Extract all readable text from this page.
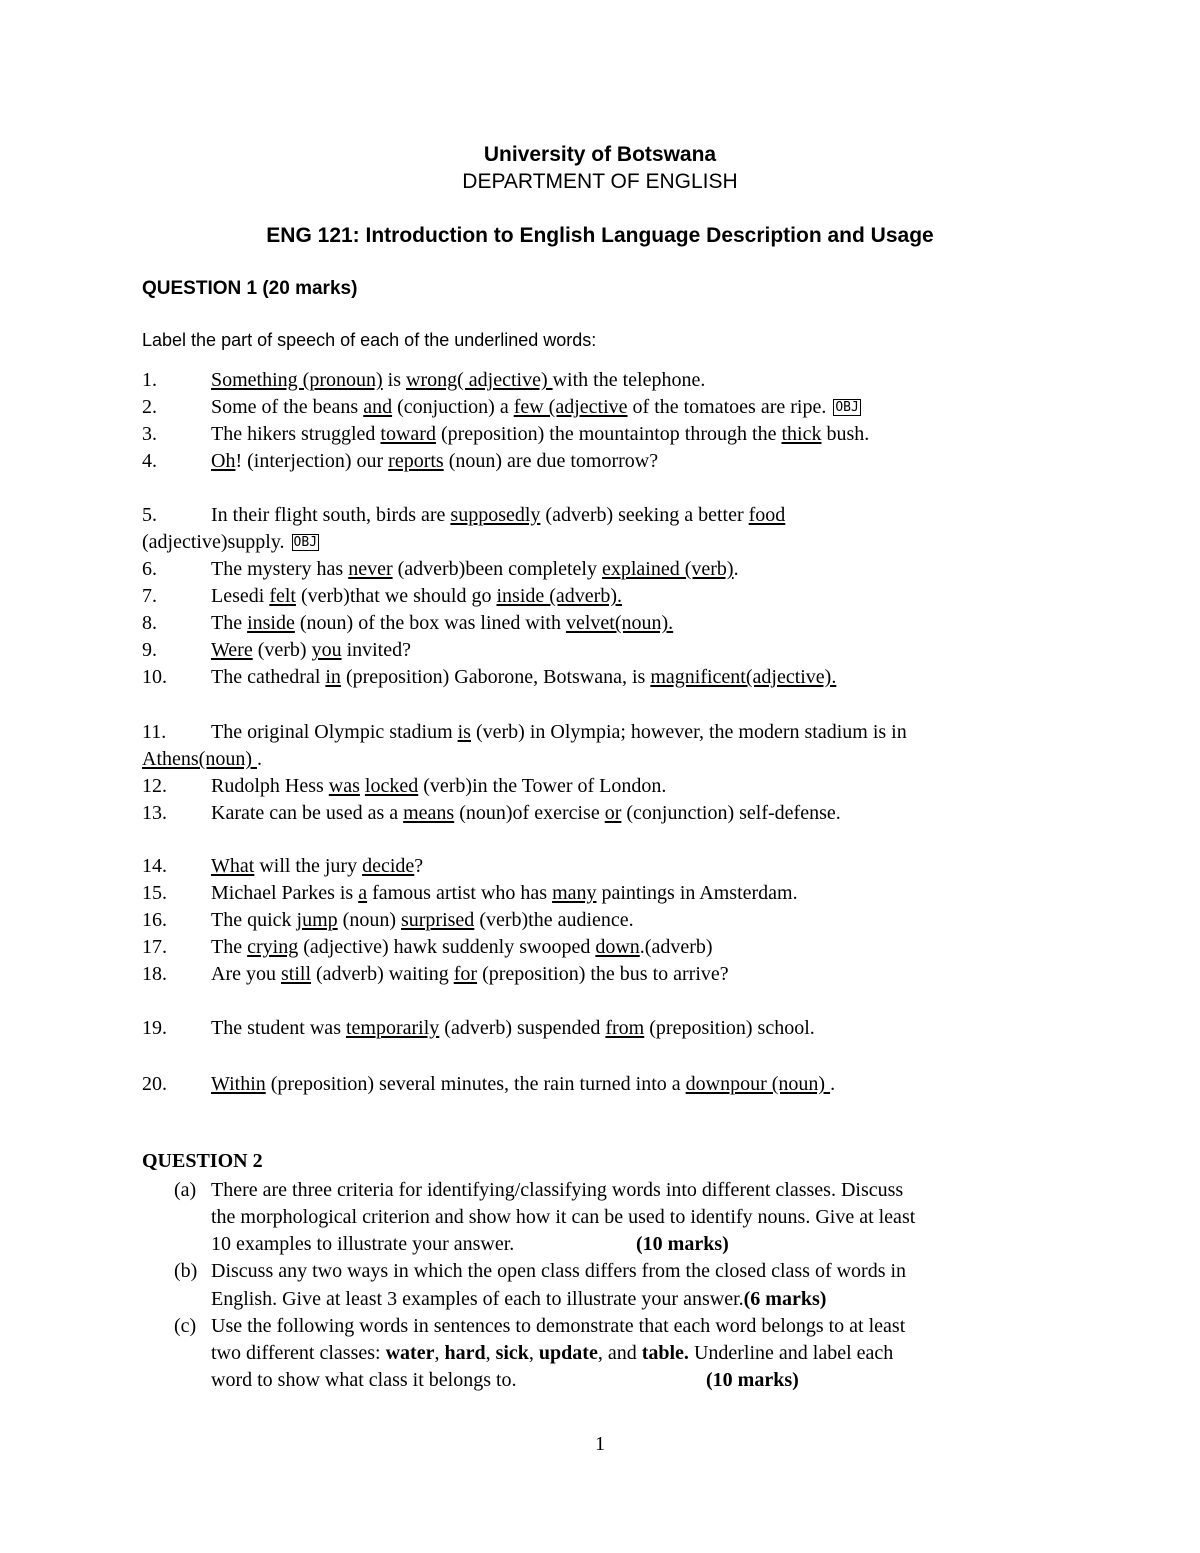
University of Botswana
DEPARTMENT OF ENGLISH
ENG 121: Introduction to English Language Description and Usage
QUESTION 1 (20 marks)
Label the part of speech of each of the underlined words:
1.	Something (pronoun) is wrong( adjective) with the telephone.
2.	Some of the beans and (conjuction) a few (adjective of the tomatoes are ripe. OBJ
3.	The hikers struggled toward (preposition) the mountaintop through the thick bush.
4.	Oh! (interjection) our reports (noun) are due tomorrow?
5.	In their flight south, birds are supposedly (adverb) seeking a better food
(adjective)supply. OBJ
6.	The mystery has never (adverb)been completely explained (verb).
7.	Lesedi felt (verb)that we should go inside (adverb).
8.	The inside (noun) of the box was lined with velvet(noun).
9.	Were (verb) you invited?
10. The cathedral in (preposition) Gaborone, Botswana, is magnificent(adjective).
11. The original Olympic stadium is (verb) in Olympia; however, the modern stadium is in
Athens(noun) .
12. Rudolph Hess was locked (verb)in the Tower of London.
13. Karate can be used as a means (noun)of exercise or (conjunction) self-defense.
14. What will the jury decide?
15. Michael Parkes is a famous artist who has many paintings in Amsterdam.
16. The quick jump (noun) surprised (verb)the audience.
17. The crying (adjective) hawk suddenly swooped down.(adverb)
18. Are you still (adverb) waiting for (preposition) the bus to arrive?
19. The student was temporarily (adverb) suspended from (preposition) school.
20. Within (preposition) several minutes, the rain turned into a downpour (noun) .
QUESTION 2
(a) There are three criteria for identifying/classifying words into different classes. Discuss
the morphological criterion and show how it can be used to identify nouns. Give at least
10 examples to illustrate your answer.	(10 marks)
(b) Discuss any two ways in which the open class differs from the closed class of words in
English. Give at least 3 examples of each to illustrate your answer.(6 marks)
(c) Use the following words in sentences to demonstrate that each word belongs to at least
two different classes: water, hard, sick, update, and table. Underline and label each
word to show what class it belongs to.	(10 marks)
1
